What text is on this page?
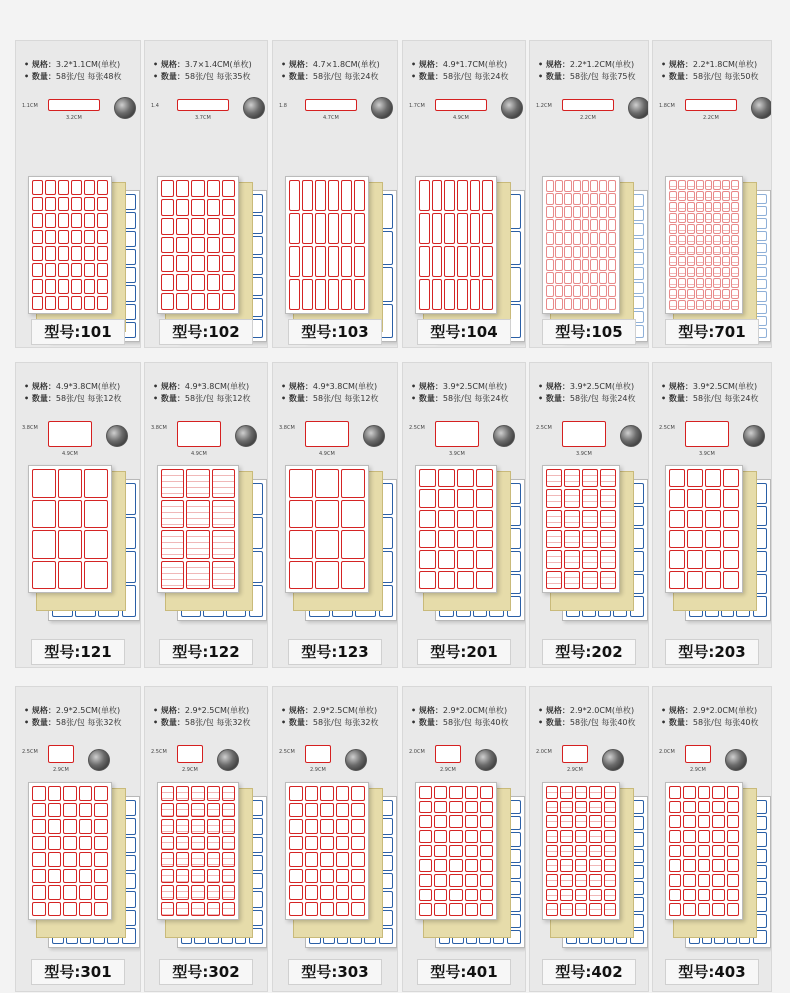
• 规格：3.2*1.1CM(单枚)
• 数量：58张/包 每张48枚
1.1CM
3.2CM
型号:101
• 规格：3.7×1.4CM(单枚)
• 数量：58张/包 每张35枚
1.4
3.7CM
型号:102
• 规格：4.7×1.8CM(单枚)
• 数量：58张/包 每张24枚
1.8
4.7CM
型号:103
• 规格：4.9*1.7CM(单枚)
• 数量：58张/包 每张24枚
1.7CM
4.9CM
型号:104
• 规格：2.2*1.2CM(单枚)
• 数量：58张/包 每张75枚
1.2CM
2.2CM
型号:105
• 规格：2.2*1.8CM(单枚)
• 数量：58张/包 每张50枚
1.8CM
2.2CM
型号:701
• 规格：4.9*3.8CM(单枚)
• 数量：58张/包 每张12枚
3.8CM
4.9CM
型号:121
• 规格：4.9*3.8CM(单枚)
• 数量：58张/包 每张12枚
3.8CM
4.9CM
型号:122
• 规格：4.9*3.8CM(单枚)
• 数量：58张/包 每张12枚
3.8CM
4.9CM
型号:123
• 规格：3.9*2.5CM(单枚)
• 数量：58张/包 每张24枚
2.5CM
3.9CM
型号:201
• 规格：3.9*2.5CM(单枚)
• 数量：58张/包 每张24枚
2.5CM
3.9CM
型号:202
• 规格：3.9*2.5CM(单枚)
• 数量：58张/包 每张24枚
2.5CM
3.9CM
型号:203
• 规格：2.9*2.5CM(单枚)
• 数量：58张/包 每张32枚
2.5CM
2.9CM
型号:301
• 规格：2.9*2.5CM(单枚)
• 数量：58张/包 每张32枚
2.5CM
2.9CM
型号:302
• 规格：2.9*2.5CM(单枚)
• 数量：58张/包 每张32枚
2.5CM
2.9CM
型号:303
• 规格：2.9*2.0CM(单枚)
• 数量：58张/包 每张40枚
2.0CM
2.9CM
型号:401
• 规格：2.9*2.0CM(单枚)
• 数量：58张/包 每张40枚
2.0CM
2.9CM
型号:402
• 规格：2.9*2.0CM(单枚)
• 数量：58张/包 每张40枚
2.0CM
2.9CM
型号:403
